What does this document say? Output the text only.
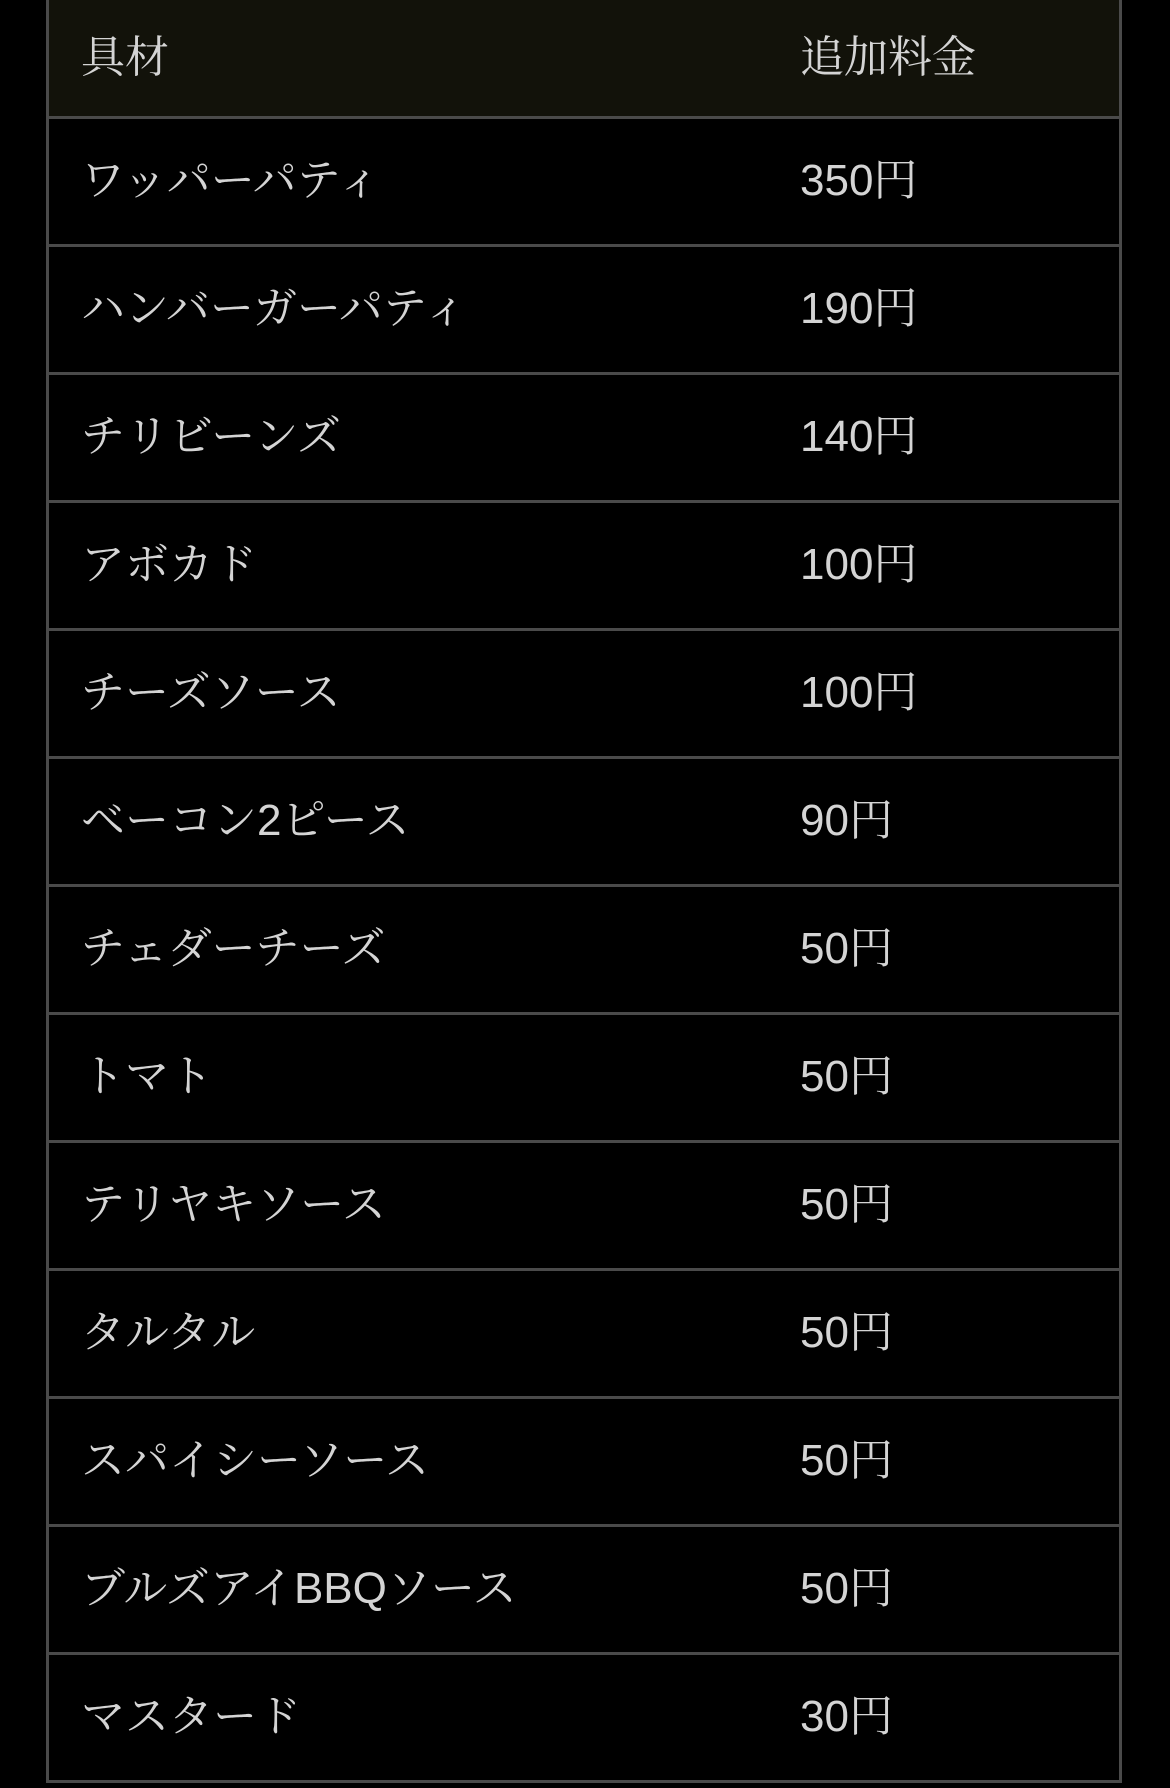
具材	追加料金
ワッパーパティ	350円
ハンバーガーパティ	190円
チリビーンズ	140円
アボカド	100円
チーズソース	100円
ベーコン2ピース	90円
チェダーチーズ	50円
トマト	50円
テリヤキソース	50円
タルタル	50円
スパイシーソース	50円
ブルズアイBBQソース	50円
マスタード	30円
